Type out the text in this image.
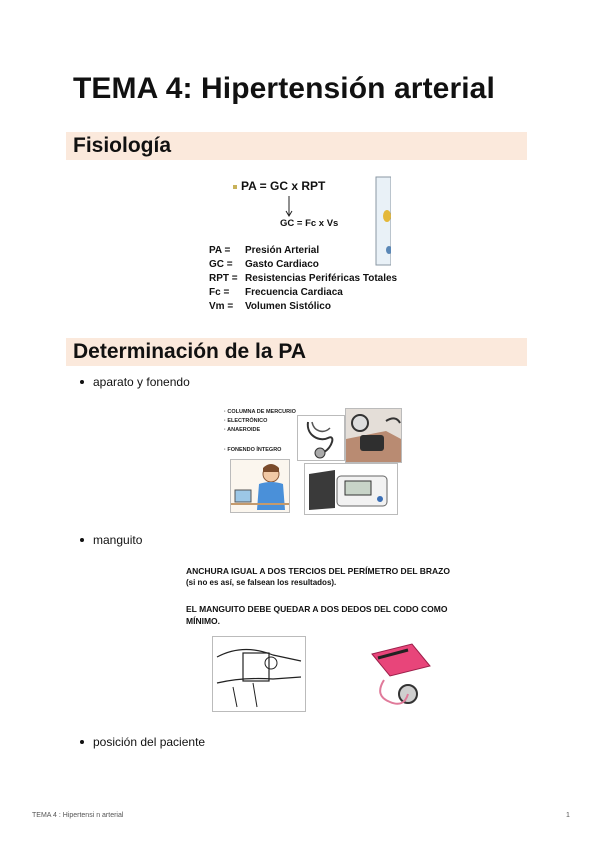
TEMA 4: Hipertensión arterial
Fisiología
PA = GC x RPT
GC = Fc x Vs
PA = Presión Arterial
GC = Gasto Cardiaco
RPT = Resistencias Periféricas Totales
Fc = Frecuencia Cardiaca
Vm = Volumen Sistólico
Determinación de la PA
aparato y fonendo
· COLUMNA DE MERCURIO
· ELECTRÓNICO
· ANAEROIDE
· FONENDO ÍNTEGRO
manguito
ANCHURA IGUAL A DOS TERCIOS DEL PERÍMETRO DEL BRAZO
(si no es así, se falsean los resultados).
EL MANGUITO DEBE QUEDAR A DOS DEDOS DEL CODO COMO
MÍNIMO.
posición del paciente
TEMA 4 : Hipertensi n arterial	1
